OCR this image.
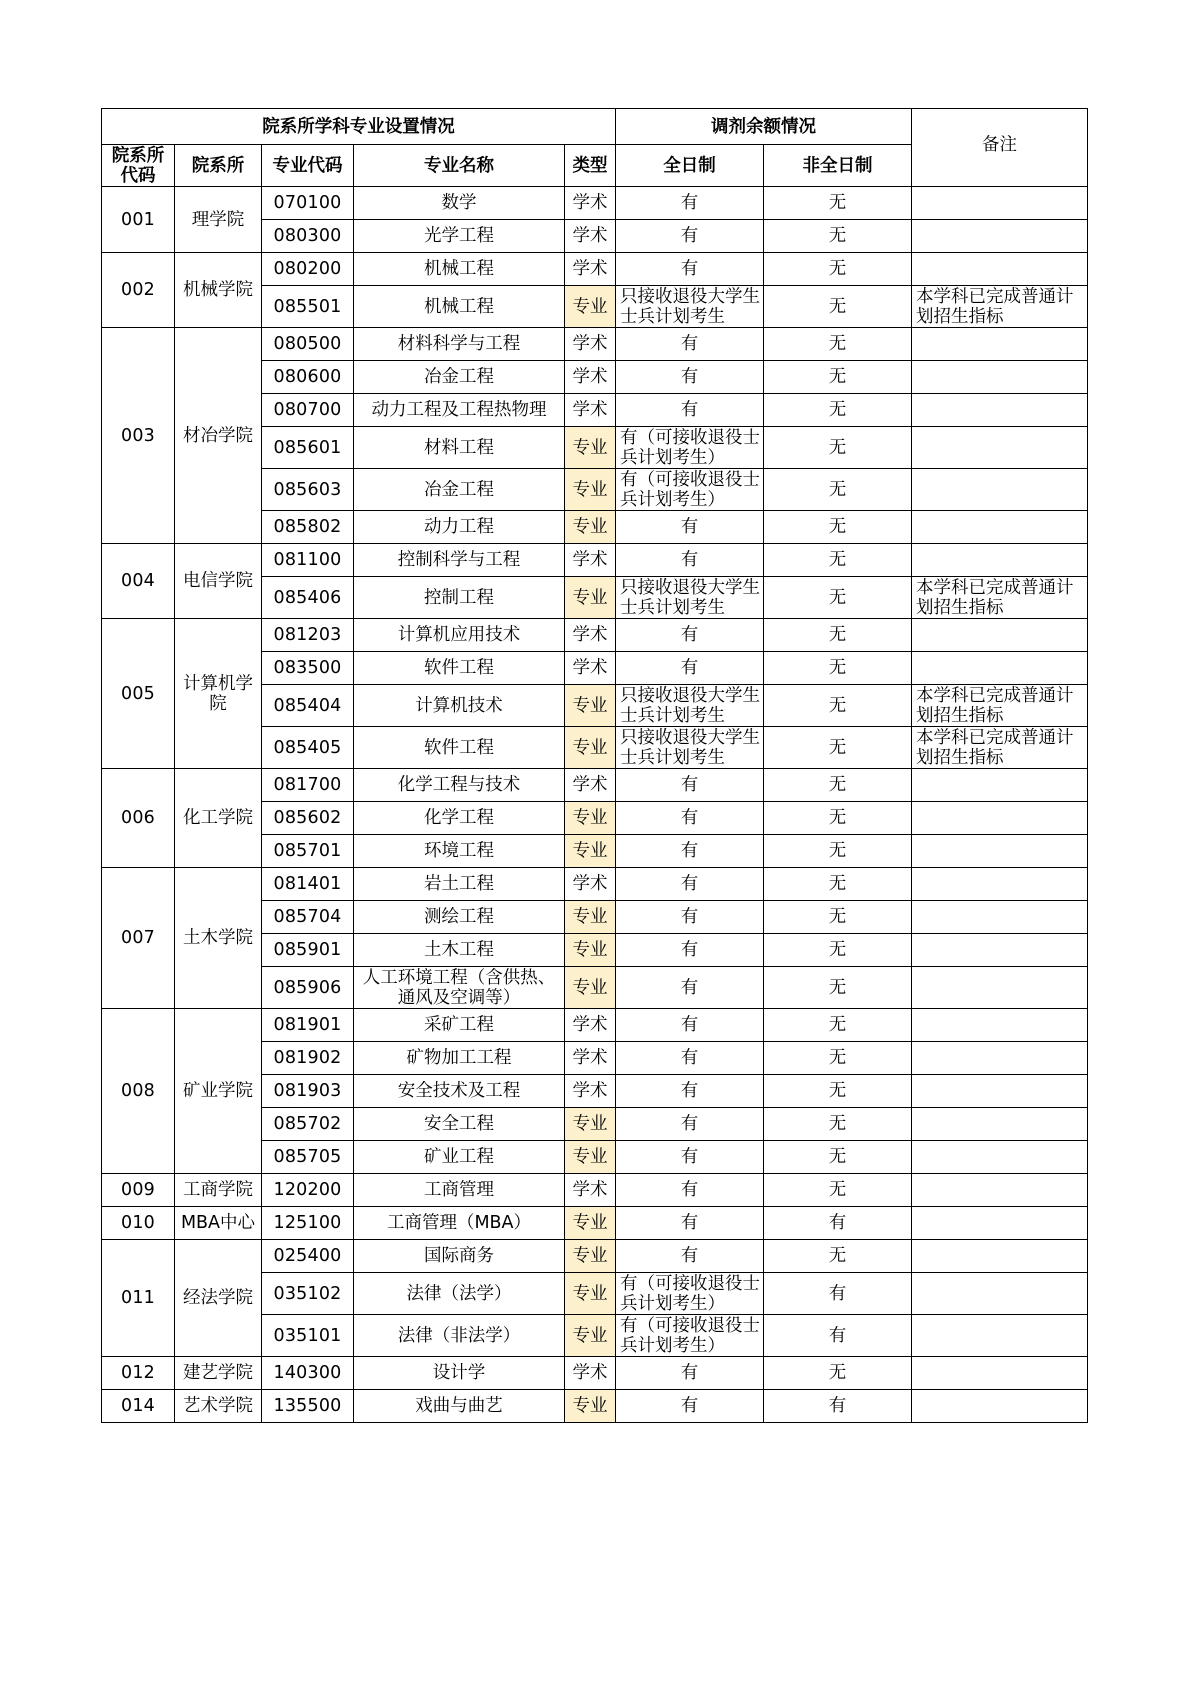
院系所学科专业设置情况					调剂余额情况		备注
院系所代码	院系所	专业代码	专业名称	类型	全日制	非全日制	
001	理学院	070100	数学	学术	有	无	
		080300	光学工程	学术	有	无	
002	机械学院	080200	机械工程	学术	有	无	
		085501	机械工程	专业	只接收退役大学生士兵计划考生	无	本学科已完成普通计划招生指标
003	材冶学院	080500	材料科学与工程	学术	有	无	
		080600	冶金工程	学术	有	无	
		080700	动力工程及工程热物理	学术	有	无	
		085601	材料工程	专业	有（可接收退役士兵计划考生）	无	
		085603	冶金工程	专业	有（可接收退役士兵计划考生）	无	
		085802	动力工程	专业	有	无	
004	电信学院	081100	控制科学与工程	学术	有	无	
		085406	控制工程	专业	只接收退役大学生士兵计划考生	无	本学科已完成普通计划招生指标
005	计算机学院	081203	计算机应用技术	学术	有	无	
		083500	软件工程	学术	有	无	
		085404	计算机技术	专业	只接收退役大学生士兵计划考生	无	本学科已完成普通计划招生指标
		085405	软件工程	专业	只接收退役大学生士兵计划考生	无	本学科已完成普通计划招生指标
006	化工学院	081700	化学工程与技术	学术	有	无	
		085602	化学工程	专业	有	无	
		085701	环境工程	专业	有	无	
007	土木学院	081401	岩土工程	学术	有	无	
		085704	测绘工程	专业	有	无	
		085901	土木工程	专业	有	无	
		085906	人工环境工程（含供热、通风及空调等）	专业	有	无	
008	矿业学院	081901	采矿工程	学术	有	无	
		081902	矿物加工工程	学术	有	无	
		081903	安全技术及工程	学术	有	无	
		085702	安全工程	专业	有	无	
		085705	矿业工程	专业	有	无	
009	工商学院	120200	工商管理	学术	有	无	
010	MBA中心	125100	工商管理（MBA）	专业	有	有	
011	经法学院	025400	国际商务	专业	有	无	
		035102	法律（法学）	专业	有（可接收退役士兵计划考生）	有	
		035101	法律（非法学）	专业	有（可接收退役士兵计划考生）	有	
012	建艺学院	140300	设计学	学术	有	无	
014	艺术学院	135500	戏曲与曲艺	专业	有	有	
